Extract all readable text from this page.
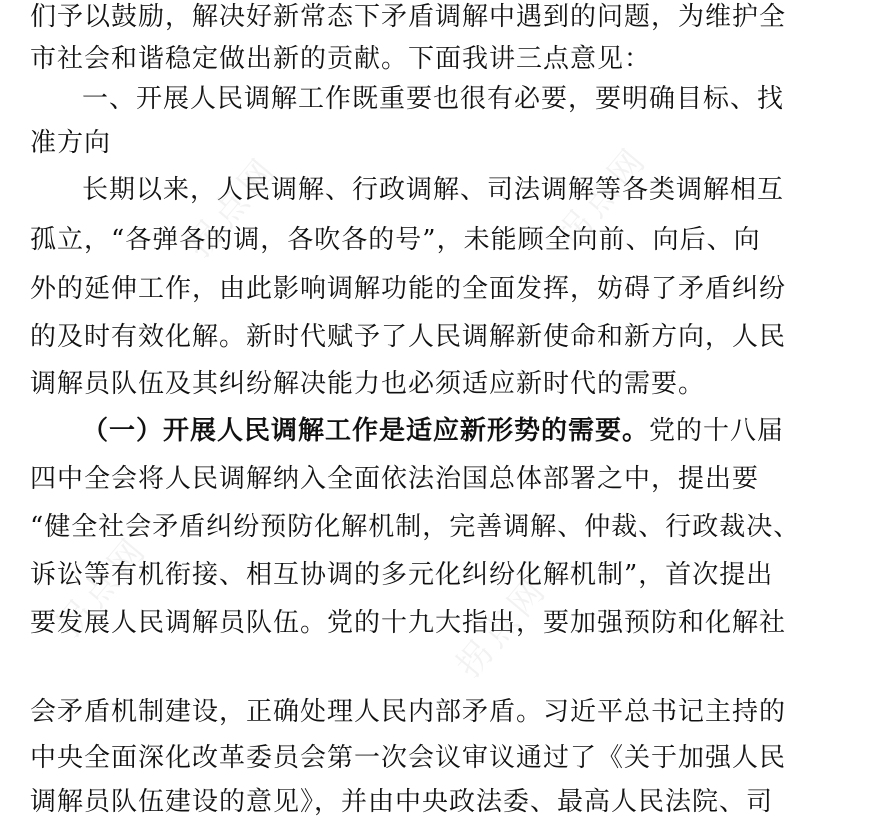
拐点网	拐点网
拐点网	拐点网
们予以鼓励，解决好新常态下矛盾调解中遇到的问题，为维护全
市社会和谐稳定做出新的贡献。下面我讲三点意见：
一、开展人民调解工作既重要也很有必要，要明确目标、找
准方向
长期以来，人民调解、行政调解、司法调解等各类调解相互
孤立，“各弹各的调，各吹各的号”，未能顾全向前、向后、向
外的延伸工作，由此影响调解功能的全面发挥，妨碍了矛盾纠纷
的及时有效化解。新时代赋予了人民调解新使命和新方向，人民
调解员队伍及其纠纷解决能力也必须适应新时代的需要。
（一）开展人民调解工作是适应新形势的需要。党的十八届
四中全会将人民调解纳入全面依法治国总体部署之中，提出要
“健全社会矛盾纠纷预防化解机制，完善调解、仲裁、行政裁决、
诉讼等有机衔接、相互协调的多元化纠纷化解机制”，首次提出
要发展人民调解员队伍。党的十九大指出，要加强预防和化解社
会矛盾机制建设，正确处理人民内部矛盾。习近平总书记主持的
中央全面深化改革委员会第一次会议审议通过了《关于加强人民
调解员队伍建设的意见》，并由中央政法委、最高人民法院、司
